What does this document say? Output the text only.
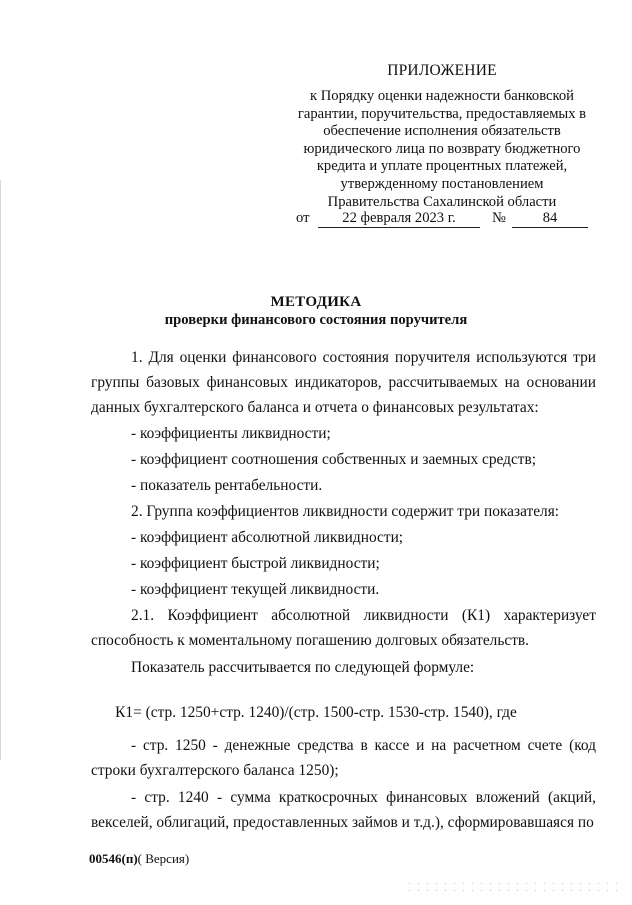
ПРИЛОЖЕНИЕ
к Порядку оценки надежности банковской
гарантии, поручительства, предоставляемых в
обеспечение исполнения обязательств
юридического лица по возврату бюджетного
кредита и уплате процентных платежей,
утвержденному постановлением
Правительства Сахалинской области
от	22 февраля 2023 г.	№	84
МЕТОДИКА
проверки финансового состояния поручителя
1. Для оценки финансового состояния поручителя используются три группы базовых финансовых индикаторов, рассчитываемых на основании данных бухгалтерского баланса и отчета о финансовых результатах:
- коэффициенты ликвидности;
- коэффициент соотношения собственных и заемных средств;
- показатель рентабельности.
2. Группа коэффициентов ликвидности содержит три показателя:
- коэффициент абсолютной ликвидности;
- коэффициент быстрой ликвидности;
- коэффициент текущей ликвидности.
2.1. Коэффициент абсолютной ликвидности (К1) характеризует способность к моментальному погашению долговых обязательств.
Показатель рассчитывается по следующей формуле:
К1= (стр. 1250+стр. 1240)/(стр. 1500-стр. 1530-стр. 1540), где
- стр. 1250 - денежные средства в кассе и на расчетном счете (код строки бухгалтерского баланса 1250);
- стр. 1240 - сумма краткосрочных финансовых вложений (акций, векселей, облигаций, предоставленных займов и т.д.), сформировавшаяся по
00546(п)( Версия)
